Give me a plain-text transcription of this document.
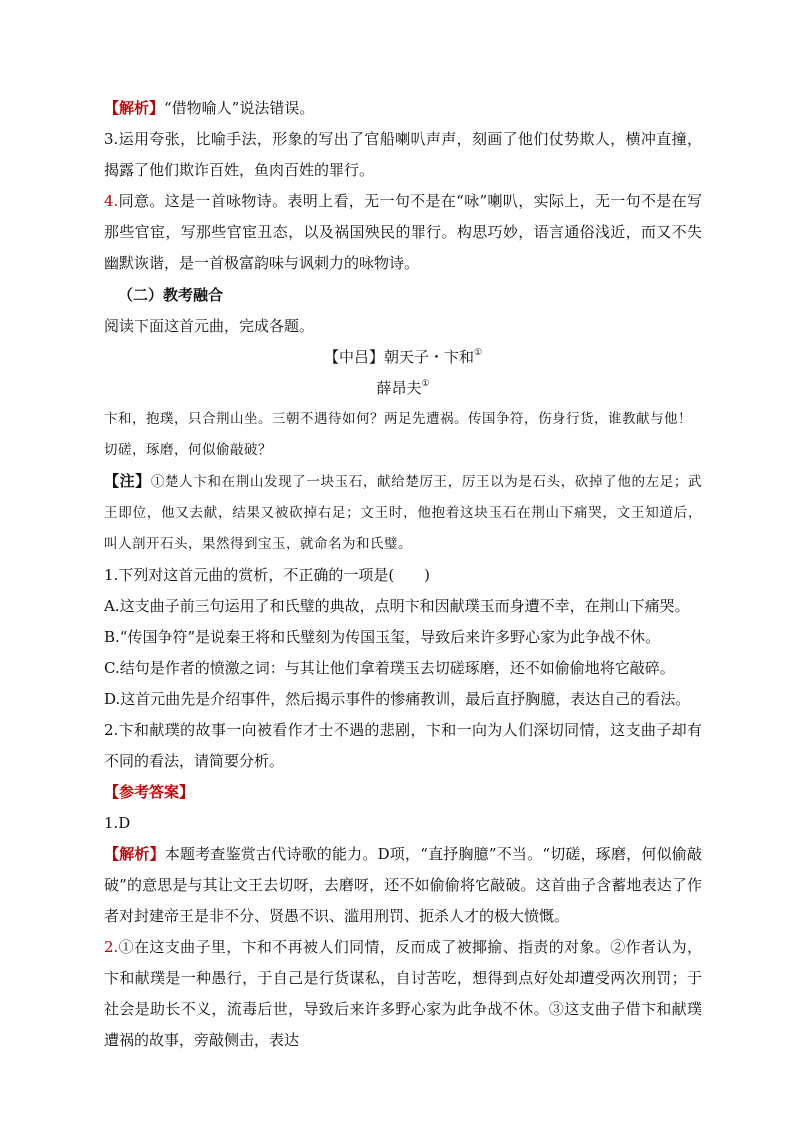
【解析】“借物喻人”说法错误。

3.运用夸张，比喻手法，形象的写出了官船喇叭声声，刻画了他们仗势欺人，横冲直撞，揭露了他们欺诈百姓，鱼肉百姓的罪行。

4.同意。这是一首咏物诗。表明上看，无一句不是在“咏”喇叭，实际上，无一句不是在写那些官宦，写那些官宦丑态，以及祸国殃民的罪行。构思巧妙，语言通俗浅近，而又不失幽默诙谐，是一首极富韵味与讽刺力的咏物诗。

（二）教考融合

阅读下面这首元曲，完成各题。

【中吕】朝天子・卞和①

薛昂夫①

卞和，抱璞，只合荆山坐。三朝不遇待如何？两足先遭祸。传国争符，伤身行货，谁教献与他！
切磋，琢磨，何似偷敲破？

【注】①楚人卞和在荆山发现了一块玉石，献给楚厉王，厉王以为是石头，砍掉了他的左足；武王即位，他又去献，结果又被砍掉右足；文王时，他抱着这块玉石在荆山下痛哭，文王知道后，叫人剖开石头，果然得到宝玉，就命名为和氏璧。

1.下列对这首元曲的赏析，不正确的一项是(　　)

A.这支曲子前三句运用了和氏璧的典故，点明卞和因献璞玉而身遭不幸，在荆山下痛哭。

B.“传国争符”是说秦王将和氏璧刻为传国玉玺，导致后来许多野心家为此争战不休。

C.结句是作者的愤激之词：与其让他们拿着璞玉去切磋琢磨，还不如偷偷地将它敲碎。

D.这首元曲先是介绍事件，然后揭示事件的惨痛教训，最后直抒胸臆，表达自己的看法。

2.卞和献璞的故事一向被看作才士不遇的悲剧，卞和一向为人们深切同情，这支曲子却有不同的看法，请简要分析。

【参考答案】

1.D

【解析】本题考查鉴赏古代诗歌的能力。D项，“直抒胸臆”不当。“切磋，琢磨，何似偷敲破”的意思是与其让文王去切呀，去磨呀，还不如偷偷将它敲破。这首曲子含蓄地表达了作者对封建帝王是非不分、贤愚不识、滥用刑罚、扼杀人才的极大愤慨。

2.①在这支曲子里，卞和不再被人们同情，反而成了被揶揄、指责的对象。②作者认为，卞和献璞是一种愚行，于自己是行货谋私，自讨苦吃，想得到点好处却遭受两次刑罚；于社会是助长不义，流毒后世，导致后来许多野心家为此争战不休。③这支曲子借卞和献璞遭祸的故事，旁敲侧击，表达
